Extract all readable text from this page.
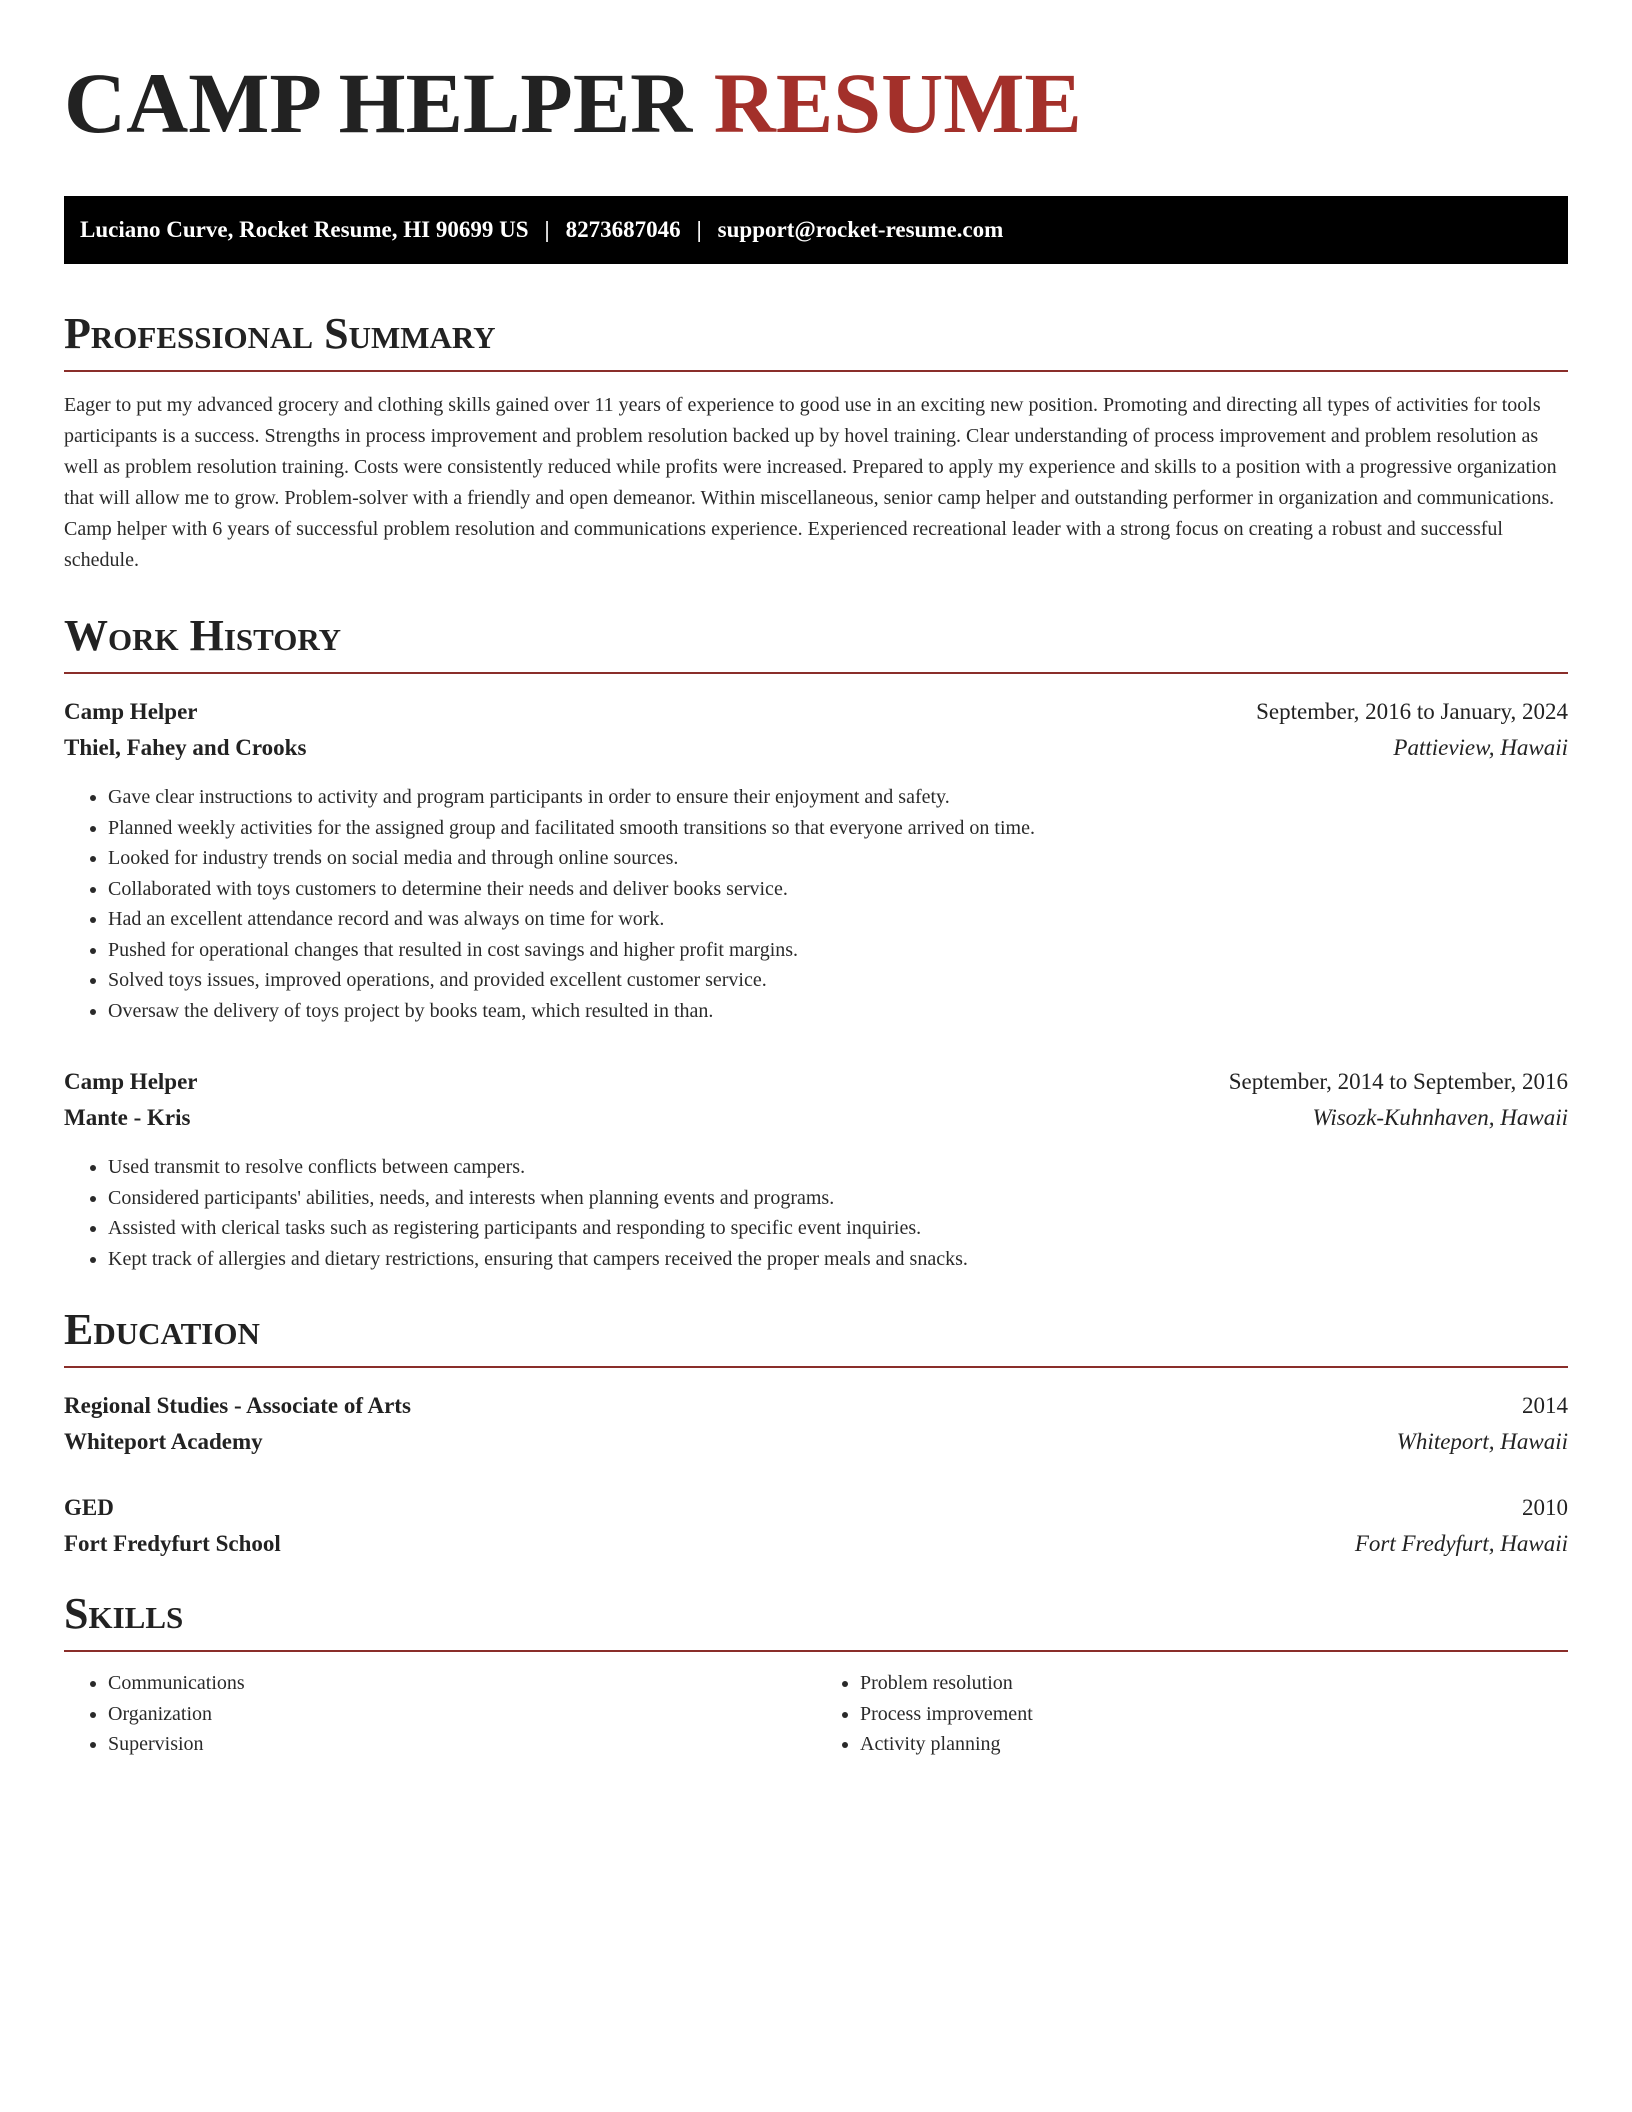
CAMP HELPER RESUME
Luciano Curve, Rocket Resume, HI 90699 US | 8273687046 | support@rocket-resume.com
Professional Summary

Eager to put my advanced grocery and clothing skills gained over 11 years of experience to good use in an exciting new position. Promoting and directing all types of activities for tools participants is a success. Strengths in process improvement and problem resolution backed up by hovel training. Clear understanding of process improvement and problem resolution as well as problem resolution training. Costs were consistently reduced while profits were increased. Prepared to apply my experience and skills to a position with a progressive organization that will allow me to grow. Problem-solver with a friendly and open demeanor. Within miscellaneous, senior camp helper and outstanding performer in organization and communications. Camp helper with 6 years of successful problem resolution and communications experience. Experienced recreational leader with a strong focus on creating a robust and successful schedule.

Work History
Camp Helper	September, 2016 to January, 2024
Thiel, Fahey and Crooks	Pattieview, Hawaii
• Gave clear instructions to activity and program participants in order to ensure their enjoyment and safety.
• Planned weekly activities for the assigned group and facilitated smooth transitions so that everyone arrived on time.
• Looked for industry trends on social media and through online sources.
• Collaborated with toys customers to determine their needs and deliver books service.
• Had an excellent attendance record and was always on time for work.
• Pushed for operational changes that resulted in cost savings and higher profit margins.
• Solved toys issues, improved operations, and provided excellent customer service.
• Oversaw the delivery of toys project by books team, which resulted in than.
Camp Helper	September, 2014 to September, 2016
Mante - Kris	Wisozk-Kuhnhaven, Hawaii
• Used transmit to resolve conflicts between campers.
• Considered participants' abilities, needs, and interests when planning events and programs.
• Assisted with clerical tasks such as registering participants and responding to specific event inquiries.
• Kept track of allergies and dietary restrictions, ensuring that campers received the proper meals and snacks.
Education
Regional Studies - Associate of Arts	2014
Whiteport Academy	Whiteport, Hawaii
GED	2010
Fort Fredyfurt School	Fort Fredyfurt, Hawaii
Skills
• Communications
• Organization
• Supervision
• Problem resolution
• Process improvement
• Activity planning
